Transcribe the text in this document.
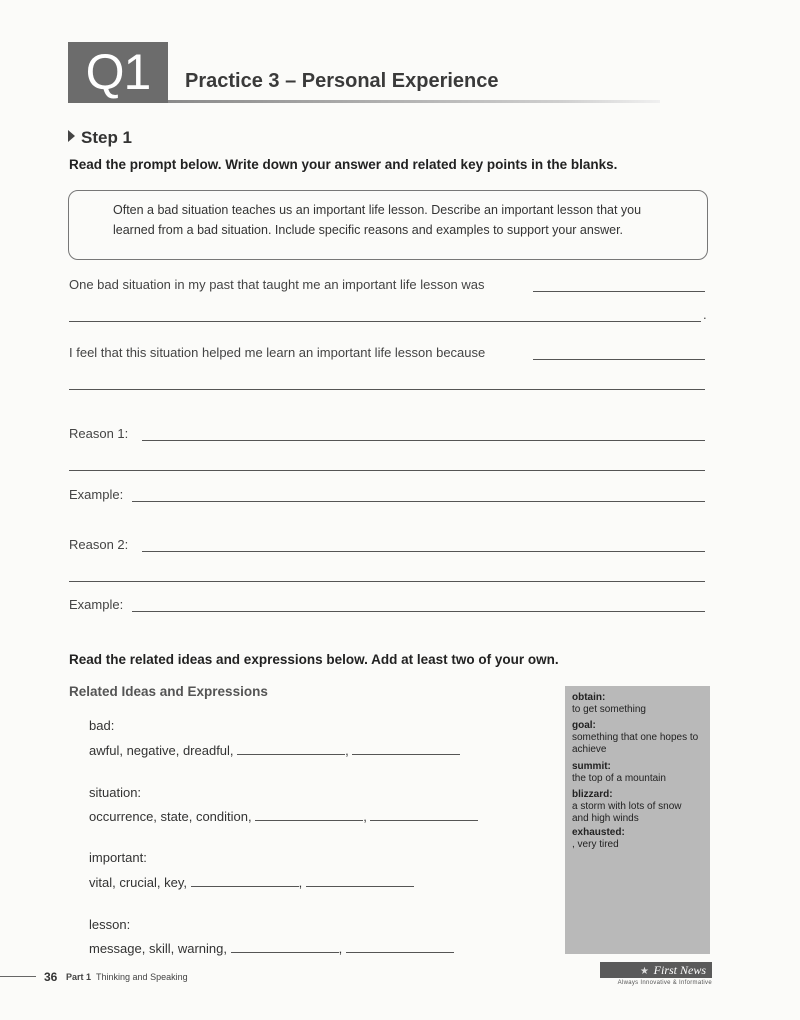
Q1	Practice 3 – Personal Experience
Step 1
Read the prompt below. Write down your answer and related key points in the blanks.
Often a bad situation teaches us an important life lesson. Describe an important lesson that you learned from a bad situation. Include specific reasons and examples to support your answer.
One bad situation in my past that taught me an important life lesson was
.
I feel that this situation helped me learn an important life lesson because
Reason 1:
Example:
Reason 2:
Example:
Read the related ideas and expressions below. Add at least two of your own.
Related Ideas and Expressions
bad:
awful, negative, dreadful,	,
situation:
occurrence, state, condition,	,
important:
vital, crucial, key,	,
lesson:
message, skill, warning,	,
obtain:
to get something
goal:
something that one hopes to achieve
summit:
the top of a mountain
blizzard:
a storm with lots of snow and high winds
exhausted:
, very tired
36 Part 1 Thinking and Speaking	★ First News
Always Innovative & Informative
